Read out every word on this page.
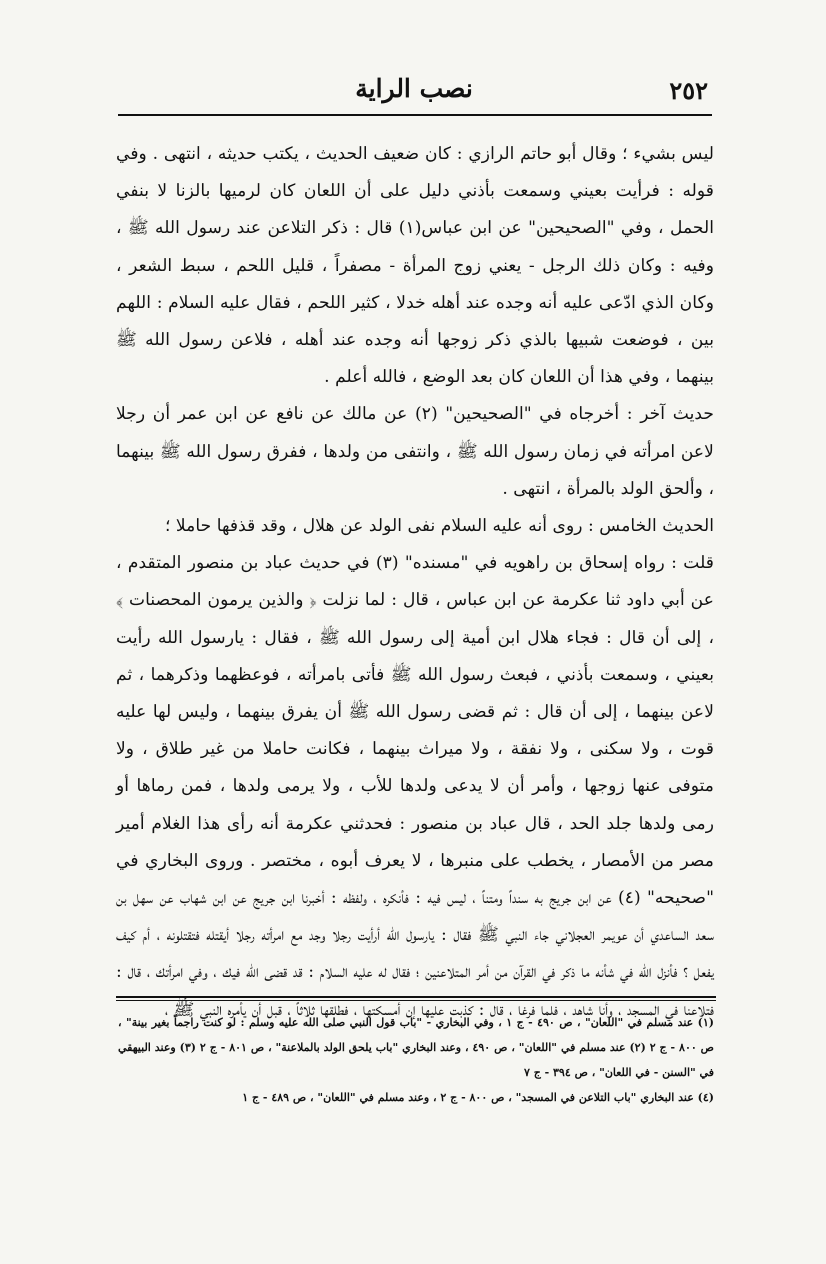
٢٥٢
نصب الراية

ليس بشيء ؛ وقال أبو حاتم الرازي : كان ضعيف الحديث ، يكتب حديثه ، انتهى . وفي قوله : فرأيت بعيني وسمعت بأذني دليل على أن اللعان كان لرميها بالزنا لا بنفي الحمل ، وفي "الصحيحين" عن ابن عباس(١) قال : ذكر التلاعن عند رسول الله ﷺ ، وفيه : وكان ذلك الرجل - يعني زوج المرأة - مصفراً ، قليل اللحم ، سبط الشعر ، وكان الذي ادّعى عليه أنه وجده عند أهله خدلا ، كثير اللحم ، فقال عليه السلام : اللهم بين ، فوضعت شبيها بالذي ذكر زوجها أنه وجده عند أهله ، فلاعن رسول الله ﷺ بينهما ، وفي هذا أن اللعان كان بعد الوضع ، فالله أعلم .

حديث آخر : أخرجاه في "الصحيحين" (٢) عن مالك عن نافع عن ابن عمر أن رجلا لاعن امرأته في زمان رسول الله ﷺ ، وانتفى من ولدها ، ففرق رسول الله ﷺ بينهما ، وألحق الولد بالمرأة ، انتهى .

الحديث الخامس : روى أنه عليه السلام نفى الولد عن هلال ، وقد قذفها حاملا ؛

قلت : رواه إسحاق بن راهويه في "مسنده" (٣) في حديث عباد بن منصور المتقدم ، عن أبي داود ثنا عكرمة عن ابن عباس ، قال : لما نزلت ﴿ والذين يرمون المحصنات ﴾ ، إلى أن قال : فجاء هلال ابن أمية إلى رسول الله ﷺ ، فقال : يارسول الله رأيت بعيني ، وسمعت بأذني ، فبعث رسول الله ﷺ فأتى بامرأته ، فوعظهما وذكرهما ، ثم لاعن بينهما ، إلى أن قال : ثم قضى رسول الله ﷺ أن يفرق بينهما ، وليس لها عليه قوت ، ولا سكنى ، ولا نفقة ، ولا ميراث بينهما ، فكانت حاملا من غير طلاق ، ولا متوفى عنها زوجها ، وأمر أن لا يدعى ولدها للأب ، ولا يرمى ولدها ، فمن رماها أو رمى ولدها جلد الحد ، قال عباد بن منصور : فحدثني عكرمة أنه رأى هذا الغلام أمير مصر من الأمصار ، يخطب على منبرها ، لا يعرف أبوه ، مختصر . وروى البخاري في "صحيحه" (٤) عن ابن جريج به سنداً ومتناً ، ليس فيه : فأنكره ، ولفظه : أخبرنا ابن جريج عن ابن شهاب عن سهل بن سعد الساعدي أن عويمر العجلاني جاء النبي ﷺ فقال : يارسول الله أرأيت رجلا وجد مع امرأته رجلا أيقتله فتقتلونه ، أم كيف يفعل ؟ فأنزل الله في شأنه ما ذكر في القرآن من أمر المتلاعنين ؛ فقال له عليه السلام : قد قضى الله فيك ، وفي امرأتك ، قال : فتلاعنا في المسجد ، وأنا شاهد ، فلما فرغا ، قال : كذبت عليها إن أمسكتها ، فطلقها ثلاثاً ، قبل أن يأمره النبي ﷺ ،

(١) عند مسلم في "اللعان" ، ص ٤٩٠ - ج ١ ، وفي البخاري - "باب قول النبي صلى الله عليه وسلم : لو كنت راجماً بغير بينة" ، ص ٨٠٠ - ج ٢ (٢) عند مسلم في "اللعان" ، ص ٤٩٠ ، وعند البخاري "باب يلحق الولد بالملاعنة" ، ص ٨٠١ - ج ٢ (٣) وعند البيهقي في "السنن - في اللعان" ، ص ٣٩٤ - ج ٧

(٤) عند البخاري "باب التلاعن في المسجد" ، ص ٨٠٠ - ج ٢ ، وعند مسلم في "اللعان" ، ص ٤٨٩ - ج ١
